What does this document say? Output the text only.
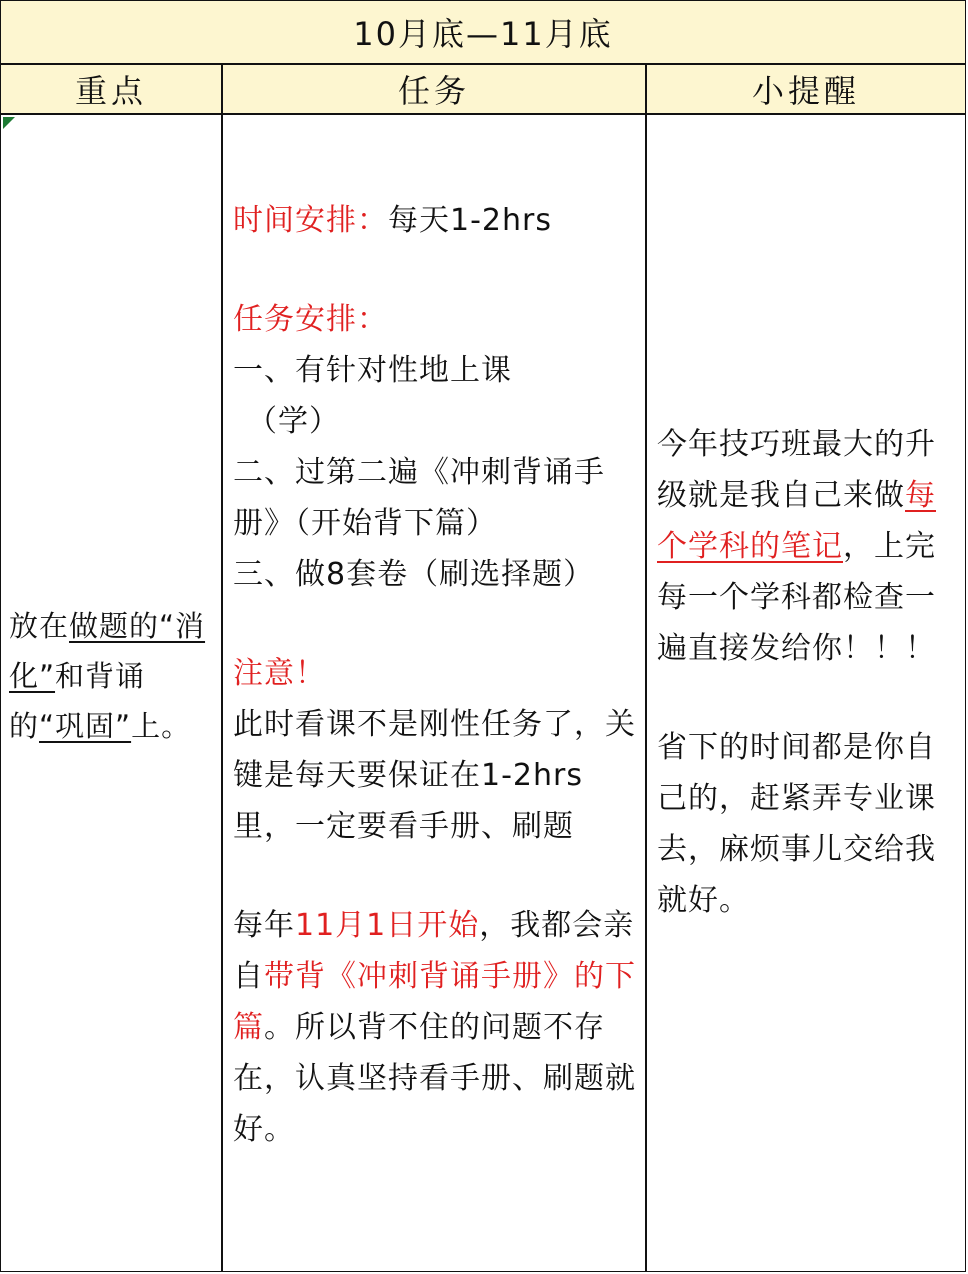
10月底—11月底
重点	任务	小提醒
放在做题的“消化”和背诵的“巩固”上。

时间安排：每天1-2hrs

任务安排：

一、有针对性地上课

（学）

二、过第二遍《冲刺背诵手册》（开始背下篇）

三、做8套卷（刷选择题）

注意！

此时看课不是刚性任务了，关键是每天要保证在1-2hrs里，一定要看手册、刷题

每年11月1日开始，我都会亲自带背《冲刺背诵手册》的下篇。所以背不住的问题不存在，认真坚持看手册、刷题就好。

今年技巧班最大的升级就是我自己来做每个学科的笔记，上完每一个学科都检查一遍直接发给你！！！

省下的时间都是你自己的，赶紧弄专业课去，麻烦事儿交给我就好。
